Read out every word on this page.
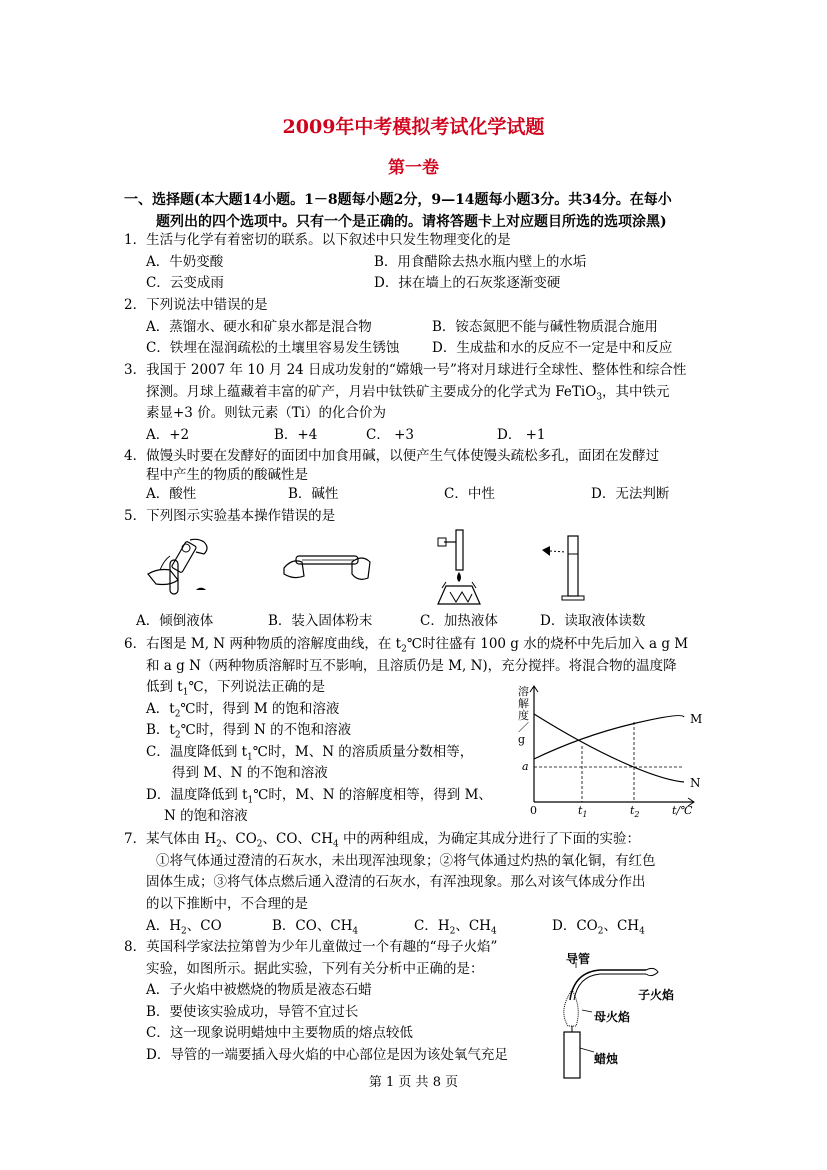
2009年中考模拟考试化学试题
第一卷
一、选择题(本大题14小题。1－8题每小题2分，9—14题每小题3分。共34分。在每小
题列出的四个选项中。只有一个是正确的。请将答题卡上对应题目所选的选项涂黑)
1．生活与化学有着密切的联系。以下叙述中只发生物理变化的是
A．牛奶变酸	B．用食醋除去热水瓶内壁上的水垢
C．云变成雨	D．抹在墙上的石灰浆逐渐变硬
2．下列说法中错误的是
A．蒸馏水、硬水和矿泉水都是混合物	B．铵态氮肥不能与碱性物质混合施用
C．铁埋在湿润疏松的土壤里容易发生锈蚀 D．生成盐和水的反应不一定是中和反应
3．我国于 2007 年 10 月 24 日成功发射的“嫦娥一号”将对月球进行全球性、整体性和综合性
探测。月球上蕴藏着丰富的矿产，月岩中钛铁矿主要成分的化学式为 FeTiO$_3$，其中铁元
素显+3 价。则钛元素（Ti）的化合价为
A．+2	B．+4	C． +3	D． +1
4．做馒头时要在发酵好的面团中加食用碱，以便产生气体使馒头疏松多孔，面团在发酵过
程中产生的物质的酸碱性是
A．酸性	B．碱性	C．中性	D．无法判断
5．下列图示实验基本操作错误的是
A．倾倒液体	B．装入固体粉末	C．加热液体	D．读取液体读数
6．右图是 M, N 两种物质的溶解度曲线，在 $t_2℃$时往盛有 100 g 水的烧杯中先后加入 a g M
和 a g N（两种物质溶解时互不影响，且溶质仍是 M, N)，充分搅拌。将混合物的温度降
低到 $t_1℃$，下列说法正确的是
A．$t_2℃$时，得到 M 的饱和溶液
B．$t_2℃$时，得到 N 的不饱和溶液
C．温度降低到 $t_1℃$时，M、N 的溶质质量分数相等，
得到 M、N 的不饱和溶液
D．温度降低到 $t_1℃$时，M、N 的溶解度相等，得到 M、
N 的饱和溶液
溶
解
度
／
g
M
N
a
0	$t_1$	$t_2$	t/℃
7．某气体由 $H_2$、$CO_2$、CO、$CH_4$ 中的两种组成，为确定其成分进行了下面的实验：
①将气体通过澄清的石灰水，未出现浑浊现象；②将气体通过灼热的氧化铜，有红色
固体生成；③将气体点燃后通入澄清的石灰水，有浑浊现象。那么对该气体成分作出
的以下推断中，不合理的是
A．$H_2$、CO	B．CO、$CH_4$	C．$H_2$、$CH_4$	D．$CO_2$、$CH_4$
8．英国科学家法拉第曾为少年儿童做过一个有趣的“母子火焰”
实验，如图所示。据此实验，下列有关分析中正确的是：
A．子火焰中被燃烧的物质是液态石蜡
B．要使该实验成功，导管不宜过长
C．这一现象说明蜡烛中主要物质的熔点较低
D．导管的一端要插入母火焰的中心部位是因为该处氧气充足
导管
子火焰
母火焰
蜡烛
第 1 页 共 8 页
